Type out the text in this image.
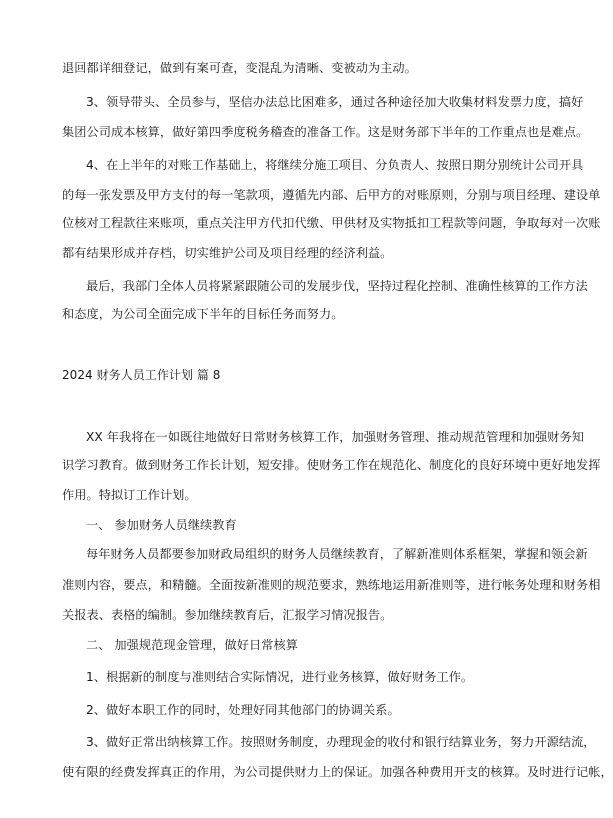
退回都详细登记，做到有案可查，变混乱为清晰、变被动为主动。
3、领导带头、全员参与，坚信办法总比困难多，通过各种途径加大收集材料发票力度，搞好
集团公司成本核算，做好第四季度税务稽查的准备工作。这是财务部下半年的工作重点也是难点。
4、在上半年的对账工作基础上，将继续分施工项目、分负责人、按照日期分别统计公司开具
的每一张发票及甲方支付的每一笔款项，遵循先内部、后甲方的对账原则，分别与项目经理、建设单
位核对工程款往来账项，重点关注甲方代扣代缴、甲供材及实物抵扣工程款等问题，争取每对一次账
都有结果形成并存档，切实维护公司及项目经理的经济利益。
最后，我部门全体人员将紧紧跟随公司的发展步伐，坚持过程化控制、准确性核算的工作方法
和态度，为公司全面完成下半年的目标任务而努力。
2024 财务人员工作计划 篇 8
XX 年我将在一如既往地做好日常财务核算工作，加强财务管理、推动规范管理和加强财务知
识学习教育。做到财务工作长计划，短安排。使财务工作在规范化、制度化的良好环境中更好地发挥
作用。特拟订工作计划。
一、 参加财务人员继续教育
每年财务人员都要参加财政局组织的财务人员继续教育，了解新准则体系框架，掌握和领会新
准则内容，要点，和精髓。全面按新准则的规范要求，熟练地运用新准则等，进行帐务处理和财务相
关报表、表格的编制。参加继续教育后，汇报学习情况报告。
二、 加强规范现金管理，做好日常核算
1、根据新的制度与准则结合实际情况，进行业务核算，做好财务工作。
2、做好本职工作的同时，处理好同其他部门的协调关系。
3、做好正常出纳核算工作。按照财务制度，办理现金的收付和银行结算业务，努力开源结流，
使有限的经费发挥真正的作用，为公司提供财力上的保证。加强各种费用开支的核算。及时进行记帐，
